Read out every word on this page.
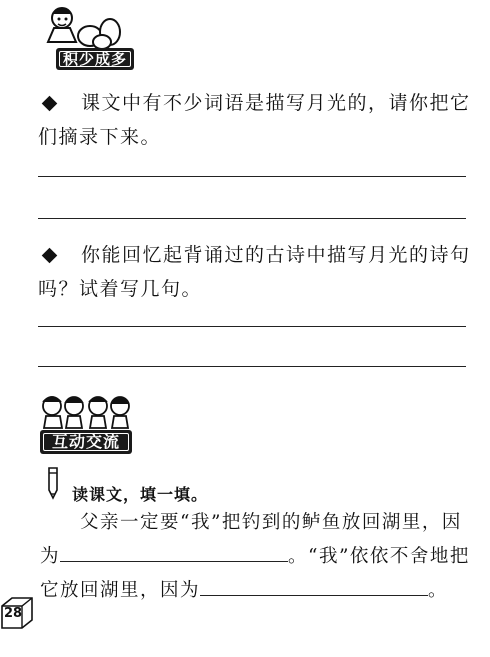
积少成多
课文中有不少词语是描写月光的，请你把它
们摘录下来。
你能回忆起背诵过的古诗中描写月光的诗句
吗？试着写几句。
互动交流
读课文，填一填。
父亲一定要“我”把钓到的鲈鱼放回湖里，因
为	。“我”依依不舍地把
它放回湖里，因为	。
28
